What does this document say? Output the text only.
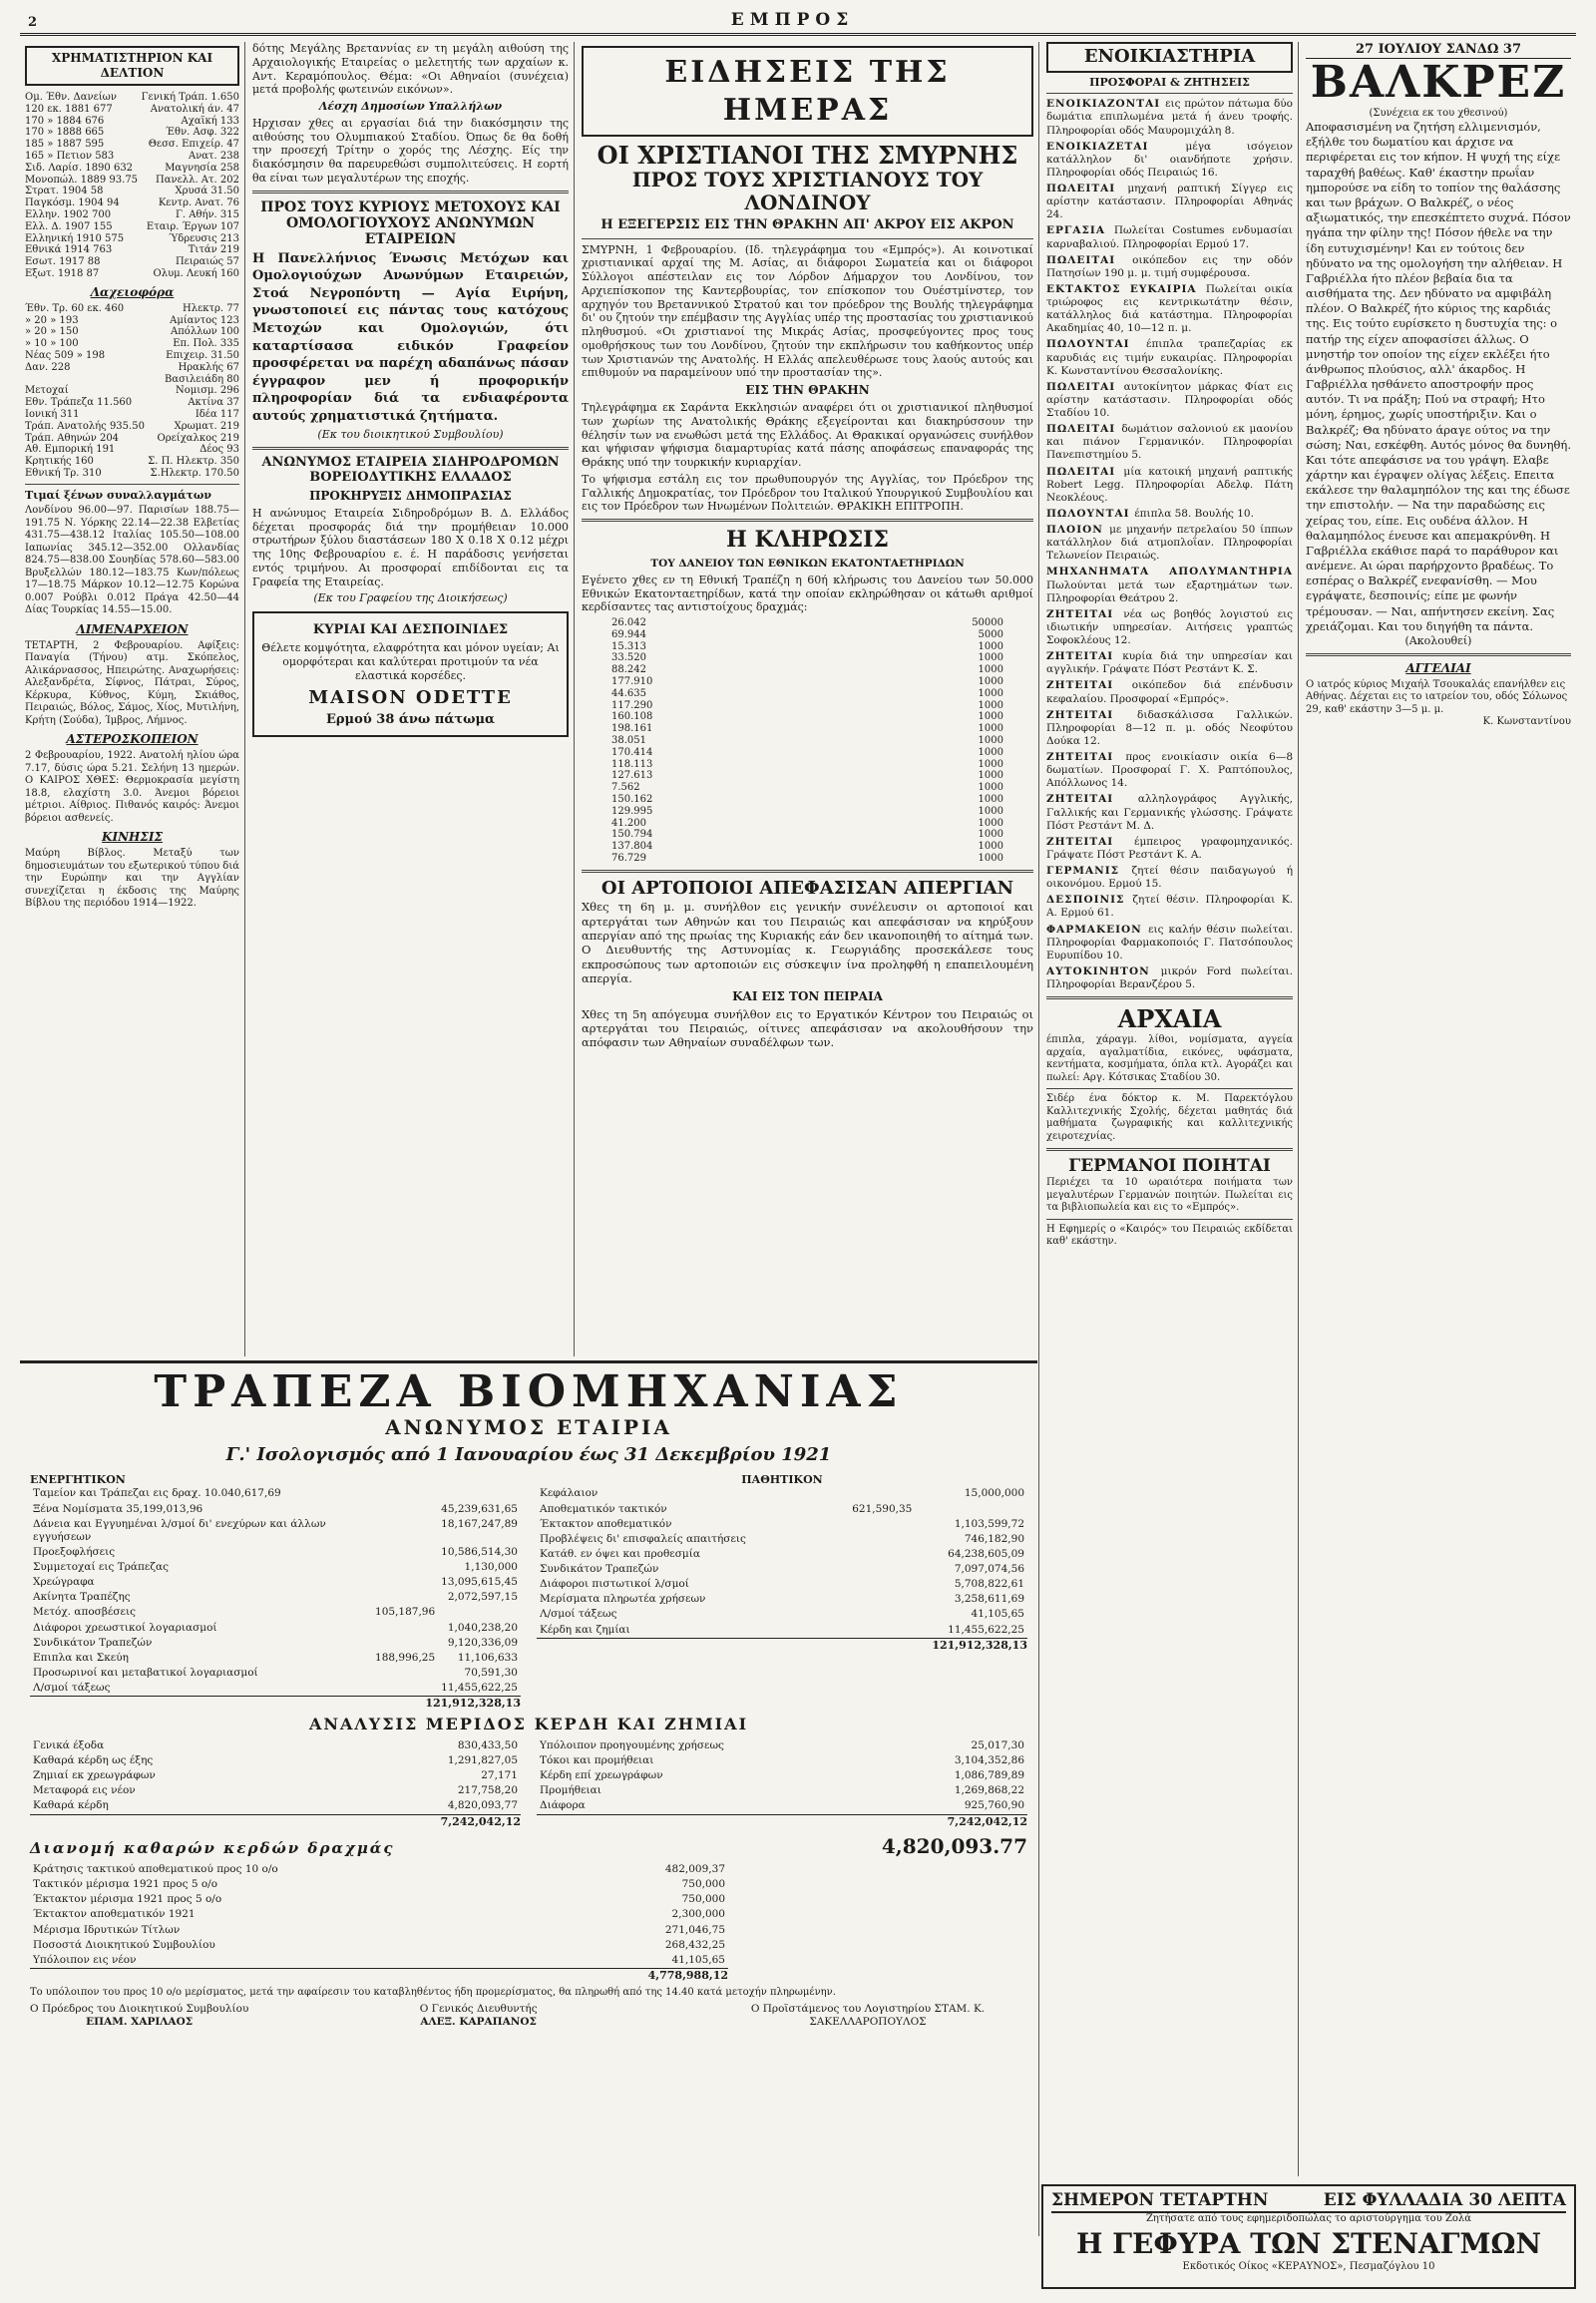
2	ΕΜΠΡΟΣ
ΧΡΗΜΑΤΙΣΤΗΡΙΟΝ ΚΑΙ ΔΕΛΤΙΟΝ
Ομ. Έθν. Δανείων Γενική Τράπ. 1.650
120 εκ. 1881 677	Ανατολική άν. 47
170 » 1884 676	Αχαϊκή 133
170 » 1888 665	Έθν. Ασφ. 322
185 » 1887 595	Θεσσ. Επιχείρ. 47
165 » Πετιον 583	Ανατ. 238
Σιδ. Λαρίσ. 1890 632	Μαγνησία 258
Μονοπώλ. 1889 93.75 Πανελλ. Ατ. 202
Στρατ. 1904 58	Χρυσά 31.50
Παγκόσμ. 1904 94	Κεντρ. Ανατ. 76
Ελλην. 1902 700	Γ. Αθήν. 315
Ελλ. Δ. 1907 155	Εταιρ. Έργων 107
Ελληνική 1910 575	Ύδρευσις 213
Εθνικά 1914 763	Τιτάν 219
Εσωτ. 1917 88	Πειραιώς 57
Εξωτ. 1918 87	Ολυμ. Λευκή 160
Λαχειοφόρα
Έθν. Τρ. 60 εκ. 460	Ηλεκτρ. 77
» 20 » 193	Αμίαντος 123
» 20 » 150	Απόλλων 100
» 10 » 100	Επ. Πολ. 335
Νέας 509 » 198	Επιχειρ. 31.50
Δαν. 228	Ηρακλής 67
Βασιλειάδη 80
Μετοχαί	Νομισμ. 296
Εθν. Τράπεζα 11.560	Ακτίνα 37
Ιονική 311	Ιδέα 117
Τράπ. Ανατολής 935.50	Χρωματ. 219
Τράπ. Αθηνών 204	Ορείχαλκος 219
Αθ. Εμπορική 191	Δέος 93
Κρητικής 160	Σ. Π. Ηλεκτρ. 350
Εθνική Τρ. 310	Σ.Ηλεκτρ. 170.50

Τιμαί ξένων συναλλαγμάτων

Λονδίνου 96.00—97. Παρισίων 188.75—191.75 Ν. Υόρκης 22.14—22.38 Ελβετίας 431.75—438.12 Ιταλίας 105.50—108.00 Ιαπωνίας 345.12—352.00 Ολλανδίας 824.75—838.00 Σουηδίας 578.60—583.00 Βρυξελλών 180.12—183.75 Κων/πόλεως 17—18.75 Μάρκον 10.12—12.75 Κορώνα 0.007 Ρούβλι 0.012 Πράγα 42.50—44 Δίας Τουρκίας 14.55—15.00.

ΛΙΜΕΝΑΡΧΕΙΟΝ

ΤΕΤΑΡΤΗ, 2 Φεβρουαρίου. Αφίξεις: Παναγία (Τήνου) ατμ. Σκόπελος, Αλικάρνασσος, Ηπειρώτης. Αναχωρήσεις: Αλεξανδρέτα, Σίφνος, Πάτραι, Σύρος, Κέρκυρα, Κύθνος, Κύμη, Σκιάθος, Πειραιώς, Βόλος, Σάμος, Χίος, Μυτιλήνη, Κρήτη (Σούδα), Ίμβρος, Λήμνος.

ΑΣΤΕΡΟΣΚΟΠΕΙΟΝ

2 Φεβρουαρίου, 1922. Ανατολή ηλίου ώρα 7.17, δύσις ώρα 5.21. Σελήνη 13 ημερών. Ο ΚΑΙΡΟΣ ΧΘΕΣ: Θερμοκρασία μεγίστη 18.8, ελαχίστη 3.0. Άνεμοι βόρειοι μέτριοι. Αίθριος. Πιθανός καιρός: Άνεμοι βόρειοι ασθενείς.

ΚΙΝΗΣΙΣ

Μαύρη Βίβλος. Μεταξύ των δημοσιευμάτων του εξωτερικού τύπου διά την Ευρώπην και την Αγγλίαν συνεχίζεται η έκδοσις της Μαύρης Βίβλου της περιόδου 1914—1922.

δότης Μεγάλης Βρεταννίας εν τη μεγάλη αιθούση της Αρχαιολογικής Εταιρείας ο μελετητής των αρχαίων κ. Αντ. Κεραμόπουλος. Θέμα: «Οι Αθηναίοι (συνέχεια) μετά προβολής φωτεινών εικόνων».

Λέσχη Δημοσίων Υπαλλήλων

Ηρχισαν χθες αι εργασίαι διά την διακόσμησιν της αιθούσης του Ολυμπιακού Σταδίου. Όπως δε θα δοθή την προσεχή Τρίτην ο χορός της Λέσχης. Είς την διακόσμησιν θα παρευρεθώσι συμπολιτεύσεις. Η εορτή θα είναι των μεγαλυτέρων της εποχής.

ΠΡΟΣ ΤΟΥΣ ΚΥΡΙΟΥΣ ΜΕΤΟΧΟΥΣ ΚΑΙ ΟΜΟΛΟΓΙΟΥΧΟΥΣ ΑΝΩΝΥΜΩΝ ΕΤΑΙΡΕΙΩΝ

Η Πανελλήνιος Ένωσις Μετόχων και Ομολογιούχων Ανωνύμων Εταιρειών, Στοά Νεγροπόντη — Αγία Ειρήνη, γνωστοποιεί εις πάντας τους κατόχους Μετοχών και Ομολογιών, ότι καταρτίσασα ειδικόν Γραφείον προσφέρεται να παρέχη αδαπάνως πάσαν έγγραφον μεν ή προφορικήν πληροφορίαν διά τα ενδιαφέροντα αυτούς χρηματιστικά ζητήματα.

(Εκ του διοικητικού Συμβουλίου)

ΑΝΩΝΥΜΟΣ ΕΤΑΙΡΕΙΑ ΣΙΔΗΡΟΔΡΟΜΩΝ ΒΟΡΕΙΟΔΥΤΙΚΗΣ ΕΛΛΑΔΟΣ
ΠΡΟΚΗΡΥΞΙΣ ΔΗΜΟΠΡΑΣΙΑΣ

Η ανώνυμος Εταιρεία Σιδηροδρόμων Β. Δ. Ελλάδος δέχεται προσφοράς διά την προμήθειαν 10.000 στρωτήρων ξύλου διαστάσεων 180 Χ 0.18 Χ 0.12 μέχρι της 10ης Φεβρουαρίου ε. έ. Η παράδοσις γενήσεται εντός τριμήνου. Αι προσφοραί επιδίδονται εις τα Γραφεία της Εταιρείας.

(Εκ του Γραφείου της Διοικήσεως)

ΚΥΡΙΑΙ ΚΑΙ ΔΕΣΠΟΙΝΙΔΕΣ

Θέλετε κομψότητα, ελαφρότητα και μόνον υγείαν; Αι ομορφότεραι και καλύτεραι προτιμούν τα νέα ελαστικά κορσέδες.

MAISON ODETTE

Ερμού 38 άνω πάτωμα

ΕΙΔΗΣΕΙΣ ΤΗΣ ΗΜΕΡΑΣ
ΟΙ ΧΡΙΣΤΙΑΝΟΙ ΤΗΣ ΣΜΥΡΝΗΣ
ΠΡΟΣ ΤΟΥΣ ΧΡΙΣΤΙΑΝΟΥΣ ΤΟΥ ΛΟΝΔΙΝΟΥ
Η ΕΞΕΓΕΡΣΙΣ ΕΙΣ ΤΗΝ ΘΡΑΚΗΝ ΑΠ' ΑΚΡΟΥ ΕΙΣ ΑΚΡΟΝ

ΣΜΥΡΝΗ, 1 Φεβρουαρίου. (Ιδ. τηλεγράφημα του «Εμπρός»). Αι κοινοτικαί χριστιανικαί αρχαί της Μ. Ασίας, αι διάφοροι Σωματεία και οι διάφοροι Σύλλογοι απέστειλαν εις τον Λόρδον Δήμαρχον του Λονδίνου, τον Αρχιεπίσκοπον της Καντερβουρίας, τον επίσκοπον του Ουέστμίνστερ, τον αρχηγόν του Βρεταννικού Στρατού και τον πρόεδρον της Βουλής τηλεγράφημα δι' ου ζητούν την επέμβασιν της Αγγλίας υπέρ της προστασίας του χριστιανικού πληθυσμού. «Οι χριστιανοί της Μικράς Ασίας, προσφεύγοντες προς τους ομοθρήσκους των του Λονδίνου, ζητούν την εκπλήρωσιν του καθήκοντος υπέρ των Χριστιανών της Ανατολής. Η Ελλάς απελευθέρωσε τους λαούς αυτούς και επιθυμούν να παραμείνουν υπό την προστασίαν της».

ΕΙΣ ΤΗΝ ΘΡΑΚΗΝ

Τηλεγράφημα εκ Σαράντα Εκκλησιών αναφέρει ότι οι χριστιανικοί πληθυσμοί των χωρίων της Ανατολικής Θράκης εξεγείρονται και διακηρύσσουν την θέλησίν των να ενωθώσι μετά της Ελλάδος. Αι Θρακικαί οργανώσεις συνήλθον και ψήφισαν ψήφισμα διαμαρτυρίας κατά πάσης αποφάσεως επαναφοράς της Θράκης υπό την τουρκικήν κυριαρχίαν.

Το ψήφισμα εστάλη εις τον πρωθυπουργόν της Αγγλίας, τον Πρόεδρον της Γαλλικής Δημοκρατίας, τον Πρόεδρον του Ιταλικού Υπουργικού Συμβουλίου και εις τον Πρόεδρον των Ηνωμένων Πολιτειών. ΘΡΑΚΙΚΗ ΕΠΙΤΡΟΠΗ.

Η ΚΛΗΡΩΣΙΣ
ΤΟΥ ΔΑΝΕΙΟΥ ΤΩΝ ΕΘΝΙΚΩΝ ΕΚΑΤΟΝΤΑΕΤΗΡΙΔΩΝ

Εγένετο χθες εν τη Εθνική Τραπέζη η 60ή κλήρωσις του Δανείου των 50.000 Εθνικών Εκατονταετηρίδων, κατά την οποίαν εκληρώθησαν οι κάτωθι αριθμοί κερδίσαντες τας αντιστοίχους δραχμάς:

26.042	50000
69.944	5000
15.313	1000
33.520	1000
88.242	1000
177.910	1000
44.635	1000
117.290	1000
160.108	1000
198.161	1000
38.051	1000
170.414	1000
118.113	1000
127.613	1000
7.562	1000
150.162	1000
129.995	1000
41.200	1000
150.794	1000
137.804	1000
76.729	1000
ΟΙ ΑΡΤΟΠΟΙΟΙ ΑΠΕΦΑΣΙΣΑΝ ΑΠΕΡΓΙΑΝ

Χθες τη 6η μ. μ. συνήλθον εις γενικήν συνέλευσιν οι αρτοποιοί και αρτεργάται των Αθηνών και του Πειραιώς και απεφάσισαν να κηρύξουν απεργίαν από της πρωίας της Κυριακής εάν δεν ικανοποιηθή το αίτημά των. Ο Διευθυντής της Αστυνομίας κ. Γεωργιάδης προσεκάλεσε τους εκπροσώπους των αρτοποιών εις σύσκεψιν ίνα προληφθή η επαπειλουμένη απεργία.

ΚΑΙ ΕΙΣ ΤΟΝ ΠΕΙΡΑΙΑ

Χθες τη 5η απόγευμα συνήλθον εις το Εργατικόν Κέντρον του Πειραιώς οι αρτεργάται του Πειραιώς, οίτινες απεφάσισαν να ακολουθήσουν την απόφασιν των Αθηναίων συναδέλφων των.

ΕΝΟΙΚΙΑΣΤΗΡΙΑ
ΠΡΟΣΦΟΡΑΙ & ΖΗΤΗΣΕΙΣ

ΕΝΟΙΚΙΑΖΟΝΤΑΙ εις πρώτον πάτωμα δύο δωμάτια επιπλωμένα μετά ή άνευ τροφής. Πληροφορίαι οδός Μαυρομιχάλη 8.

ΕΝΟΙΚΙΑΖΕΤΑΙ μέγα ισόγειον κατάλληλον δι' οιανδήποτε χρήσιν. Πληροφορίαι οδός Πειραιώς 16.

ΠΩΛΕΙΤΑΙ μηχανή ραπτική Σίγγερ εις αρίστην κατάστασιν. Πληροφορίαι Αθηνάς 24.

ΕΡΓΑΣΙΑ Πωλείται Costumes ενδυμασίαι καρναβαλιού. Πληροφορίαι Ερμού 17.

ΠΩΛΕΙΤΑΙ οικόπεδον εις την οδόν Πατησίων 190 μ. μ. τιμή συμφέρουσα.

ΕΚΤΑΚΤΟΣ ΕΥΚΑΙΡΙΑ Πωλείται οικία τριώροφος εις κεντρικωτάτην θέσιν, κατάλληλος διά κατάστημα. Πληροφορίαι Ακαδημίας 40, 10—12 π. μ.

ΠΩΛΟΥΝΤΑΙ έπιπλα τραπεζαρίας εκ καρυδιάς εις τιμήν ευκαιρίας. Πληροφορίαι Κ. Κωνσταντίνου Θεσσαλονίκης.

ΠΩΛΕΙΤΑΙ αυτοκίνητον μάρκας Φίατ εις αρίστην κατάστασιν. Πληροφορίαι οδός Σταδίου 10.

ΠΩΛΕΙΤΑΙ δωμάτιον σαλονιού εκ μαονίου και πιάνον Γερμανικόν. Πληροφορίαι Πανεπιστημίου 5.

ΠΩΛΕΙΤΑΙ μία κατοική μηχανή ραπτικής Robert Legg. Πληροφορίαι Αδελφ. Πάτη Νεοκλέους.

ΠΩΛΟΥΝΤΑΙ έπιπλα 58. Βουλής 10.

ΠΛΟΙΟΝ με μηχανήν πετρελαίου 50 ίππων κατάλληλον διά ατμοπλοΐαν. Πληροφορίαι Τελωνείον Πειραιώς.

ΜΗΧΑΝΗΜΑΤΑ ΑΠΟΛΥΜΑΝΤΗΡΙΑ Πωλούνται μετά των εξαρτημάτων των. Πληροφορίαι Θεάτρου 2.

ΖΗΤΕΙΤΑΙ νέα ως βοηθός λογιστού εις ιδιωτικήν υπηρεσίαν. Αιτήσεις γραπτώς Σοφοκλέους 12.

ΖΗΤΕΙΤΑΙ κυρία διά την υπηρεσίαν και αγγλικήν. Γράψατε Πόστ Ρεστάντ Κ. Σ.

ΖΗΤΕΙΤΑΙ οικόπεδον διά επένδυσιν κεφαλαίου. Προσφοραί «Εμπρός».

ΖΗΤΕΙΤΑΙ διδασκάλισσα Γαλλικών. Πληροφορίαι 8—12 π. μ. οδός Νεοφύτου Δούκα 12.

ΖΗΤΕΙΤΑΙ προς ενοικίασιν οικία 6—8 δωματίων. Προσφοραί Γ. Χ. Ραπτόπουλος, Απόλλωνος 14.

ΖΗΤΕΙΤΑΙ αλληλογράφος Αγγλικής, Γαλλικής και Γερμανικής γλώσσης. Γράψατε Πόστ Ρεστάντ Μ. Δ.

ΖΗΤΕΙΤΑΙ έμπειρος γραφομηχανικός. Γράψατε Πόστ Ρεστάντ Κ. Α.

ΓΕΡΜΑΝΙΣ ζητεί θέσιν παιδαγωγού ή οικονόμου. Ερμού 15.

ΔΕΣΠΟΙΝΙΣ ζητεί θέσιν. Πληροφορίαι Κ. Α. Ερμού 61.

ΦΑΡΜΑΚΕΙΟΝ εις καλήν θέσιν πωλείται. Πληροφορίαι Φαρμακοποιός Γ. Πατσόπουλος Ευρυπίδου 10.

ΑΥΤΟΚΙΝΗΤΟΝ μικρόν Ford πωλείται. Πληροφορίαι Βερανζέρου 5.

ΑΡΧΑΙΑ

έπιπλα, χάραγμ. λίθοι, νομίσματα, αγγεία αρχαία, αγαλματίδια, εικόνες, υφάσματα, κεντήματα, κοσμήματα, όπλα κτλ. Αγοράζει και πωλεί: Αργ. Κότσικας Σταδίου 30.

Σιδέρ ένα δόκτορ κ. Μ. Παρεκτόγλου Καλλιτεχνικής Σχολής, δέχεται μαθητάς διά μαθήματα ζωγραφικής και καλλιτεχνικής χειροτεχνίας.

ΓΕΡΜΑΝΟΙ ΠΟΙΗΤΑΙ

Περιέχει τα 10 ωραιότερα ποιήματα των μεγαλυτέρων Γερμανών ποιητών. Πωλείται εις τα βιβλιοπωλεία και εις το «Εμπρός».

Η Εφημερίς ο «Καιρός» του Πειραιώς εκδίδεται καθ' εκάστην.

27 ΙΟΥΛΙΟΥ ΣΑΝΔΩ 37
ΒΑΛΚΡΕΖ

(Συνέχεια εκ του χθεσινού)

Αποφασισμένη να ζητήση ελλιμενισμόν, εξήλθε του δωματίου και άρχισε να περιφέρεται εις τον κήπον. Η ψυχή της είχε ταραχθή βαθέως. Καθ' έκαστην πρωΐαν ημπορούσε να είδη το τοπίον της θαλάσσης και των βράχων. Ο Βαλκρέζ, ο νέος αξιωματικός, την επεσκέπτετο συχνά. Πόσον ηγάπα την φίλην της! Πόσον ήθελε να την ίδη ευτυχισμένην! Και εν τούτοις δεν ηδύνατο να της ομολογήση την αλήθειαν. Η Γαβριέλλα ήτο πλέον βεβαία δια τα αισθήματα της. Δεν ηδύνατο να αμφιβάλη πλέον. Ο Βαλκρέζ ήτο κύριος της καρδιάς της. Εις τούτο ευρίσκετο η δυστυχία της: ο πατήρ της είχεν αποφασίσει άλλως. Ο μνηστήρ τον οποίον της είχεν εκλέξει ήτο άνθρωπος πλούσιος, αλλ' άκαρδος. Η Γαβριέλλα ησθάνετο αποστροφήν προς αυτόν. Τι να πράξη; Πού να στραφή; Ητο μόνη, έρημος, χωρίς υποστήριξιν. Και ο Βαλκρέζ; Θα ηδύνατο άραγε ούτος να την σώση; Ναι, εσκέφθη. Αυτός μόνος θα δυνηθή. Και τότε απεφάσισε να του γράψη. Ελαβε χάρτην και έγραψεν ολίγας λέξεις. Επειτα εκάλεσε την θαλαμηπόλον της και της έδωσε την επιστολήν. — Να την παραδώσης εις χείρας του, είπε. Εις ουδένα άλλον. Η θαλαμηπόλος ένευσε και απεμακρύνθη. Η Γαβριέλλα εκάθισε παρά το παράθυρον και ανέμενε. Αι ώραι παρήρχοντο βραδέως. Το εσπέρας ο Βαλκρέζ ενεφανίσθη. — Μου εγράψατε, δεσποινίς; είπε με φωνήν τρέμουσαν. — Ναι, απήντησεν εκείνη. Σας χρειάζομαι. Και του διηγήθη τα πάντα.

(Ακολουθεί)

ΑΓΓΕΛΙΑΙ

Ο ιατρός κύριος Μιχαήλ Τσουκαλάς επανήλθεν εις Αθήνας. Δέχεται εις το ιατρείον του, οδός Σόλωνος 29, καθ' εκάστην 3—5 μ. μ.

Κ. Κωνσταντίνου

ΣΗΜΕΡΟΝ ΤΕΤΑΡΤΗΝ	ΕΙΣ ΦΥΛΛΑΔΙΑ 30 ΛΕΠΤΑ
Ζητήσατε από τους εφημεριδοπώλας το αριστούργημα του Ζολά
Η ΓΕΦΥΡΑ ΤΩΝ ΣΤΕΝΑΓΜΩΝ
Εκδοτικός Οίκος «ΚΕΡΑΥΝΟΣ», Πεσμαζόγλου 10
ΤΡΑΠΕΖΑ ΒΙΟΜΗΧΑΝΙΑΣ
ΑΝΩΝΥΜΟΣ ΕΤΑΙΡΙΑ
Γ.' Ισολογισμός από 1 Ιανουαρίου έως 31 Δεκεμβρίου 1921
ΕΝΕΡΓΗΤΙΚΟΝ
Ταμείον και Τράπεζαι εις δραχ. 10.040,617,69		
Ξένα Νομίσματα 35,199,013,96		45,239,631,65
Δάνεια και Εγγυημέναι λ/σμοί δι' ενεχύρων και άλλων εγγυήσεων		18,167,247,89
Προεξοφλήσεις		10,586,514,30
Συμμετοχαί εις Τράπεζας		1,130,000
Χρεώγραφα		13,095,615,45
Ακίνητα Τραπέζης		2,072,597,15
Μετόχ. αποσβέσεις	105,187,96	
Διάφοροι χρεωστικοί λογαριασμοί		1,040,238,20
Συνδικάτον Τραπεζών		9,120,336,09
Επιπλα και Σκεύη	188,996,25	11,106,633
Προσωρινοί και μεταβατικοί λογαριασμοί		70,591,30
Λ/σμοί τάξεως		11,455,622,25
121,912,328,13
ΠΑΘΗΤΙΚΟΝ
Κεφάλαιον		15,000,000
Αποθεματικόν τακτικόν	621,590,35	
Έκτακτον αποθεματικόν		1,103,599,72
Προβλέψεις δι' επισφαλείς απαιτήσεις		746,182,90
Κατάθ. εν όψει και προθεσμία		64,238,605,09
Συνδικάτον Τραπεζών		7,097,074,56
Διάφοροι πιστωτικοί λ/σμοί		5,708,822,61
Μερίσματα πληρωτέα χρήσεων		3,258,611,69
Λ/σμοί τάξεως		41,105,65
Κέρδη και ζημίαι		11,455,622,25
121,912,328,13
ΑΝΑΛΥΣΙΣ ΜΕΡΙΔΟΣ ΚΕΡΔΗ ΚΑΙ ΖΗΜΙΑΙ
Γενικά έξοδα	830,433,50
Καθαρά κέρδη ως έξης	1,291,827,05
Ζημιαί εκ χρεωγράφων	27,171
Μεταφορά εις νέον	217,758,20
Καθαρά κέρδη	4,820,093,77
7,242,042,12
Υπόλοιπον προηγουμένης χρήσεως	25,017,30
Τόκοι και προμήθειαι	3,104,352,86
Κέρδη επί χρεωγράφων	1,086,789,89
Προμήθειαι	1,269,868,22
Διάφορα	925,760,90
7,242,042,12
Διανομή καθαρών κερδών δραχμάς	4,820,093.77
Κράτησις τακτικού αποθεματικού προς 10 ο/ο	482,009,37
Τακτικόν μέρισμα 1921 προς 5 ο/ο	750,000
Έκτακτον μέρισμα 1921 προς 5 ο/ο	750,000
Έκτακτον αποθεματικόν 1921	2,300,000
Μέρισμα Ιδρυτικών Τίτλων	271,046,75
Ποσοστά Διοικητικού Συμβουλίου	268,432,25
Υπόλοιπον εις νέον	41,105,65
4,778,988,12

Το υπόλοιπον του προς 10 ο/ο μερίσματος, μετά την αφαίρεσιν του καταβληθέντος ήδη προμερίσματος, θα πληρωθή από της 14.40 κατά μετοχήν πληρωμένην.

Ο Πρόεδρος του Διοικητικού Συμβουλίου
ΕΠΑΜ. ΧΑΡΙΛΑΟΣ
Ο Γενικός Διευθυντής
ΑΛΕΞ. ΚΑΡΑΠΑΝΟΣ
Ο Προϊστάμενος του Λογιστηρίου ΣΤΑΜ. Κ. ΣΑΚΕΛΛΑΡΟΠΟΥΛΟΣ
